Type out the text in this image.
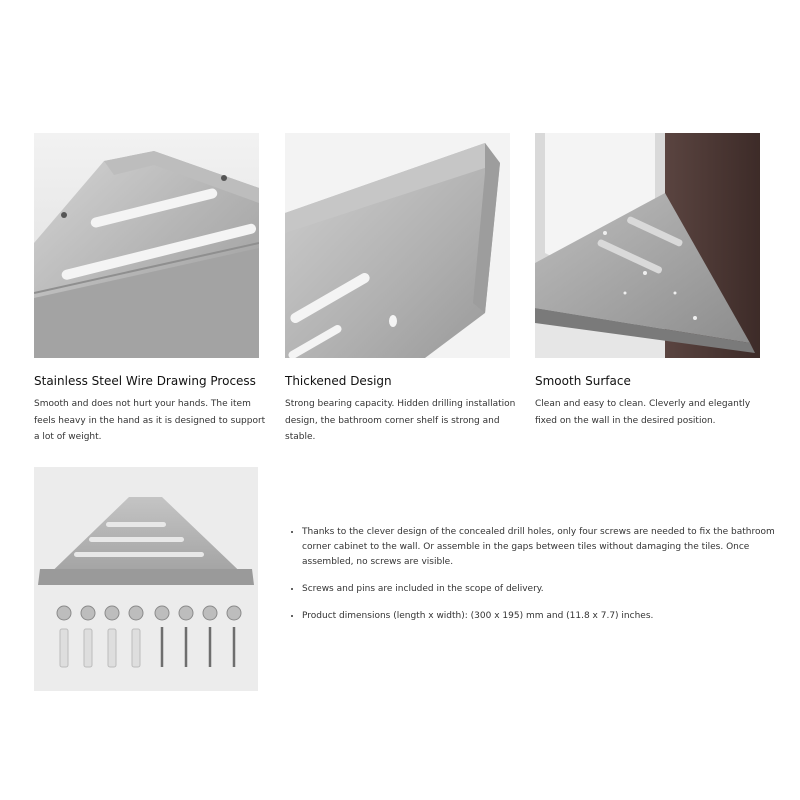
Stainless Steel Wire Drawing Process

Smooth and does not hurt your hands. The item feels heavy in the hand as it is designed to support a lot of weight.

Thickened Design

Strong bearing capacity. Hidden drilling installation design, the bathroom corner shelf is strong and stable.

Smooth Surface

Clean and easy to clean. Cleverly and elegantly fixed on the wall in the desired position.

• Thanks to the clever design of the concealed drill holes, only four screws are needed to fix the bathroom corner cabinet to the wall. Or assemble in the gaps between tiles without damaging the tiles. Once assembled, no screws are visible.
• Screws and pins are included in the scope of delivery.
• Product dimensions (length x width): (300 x 195) mm and (11.8 x 7.7) inches.
